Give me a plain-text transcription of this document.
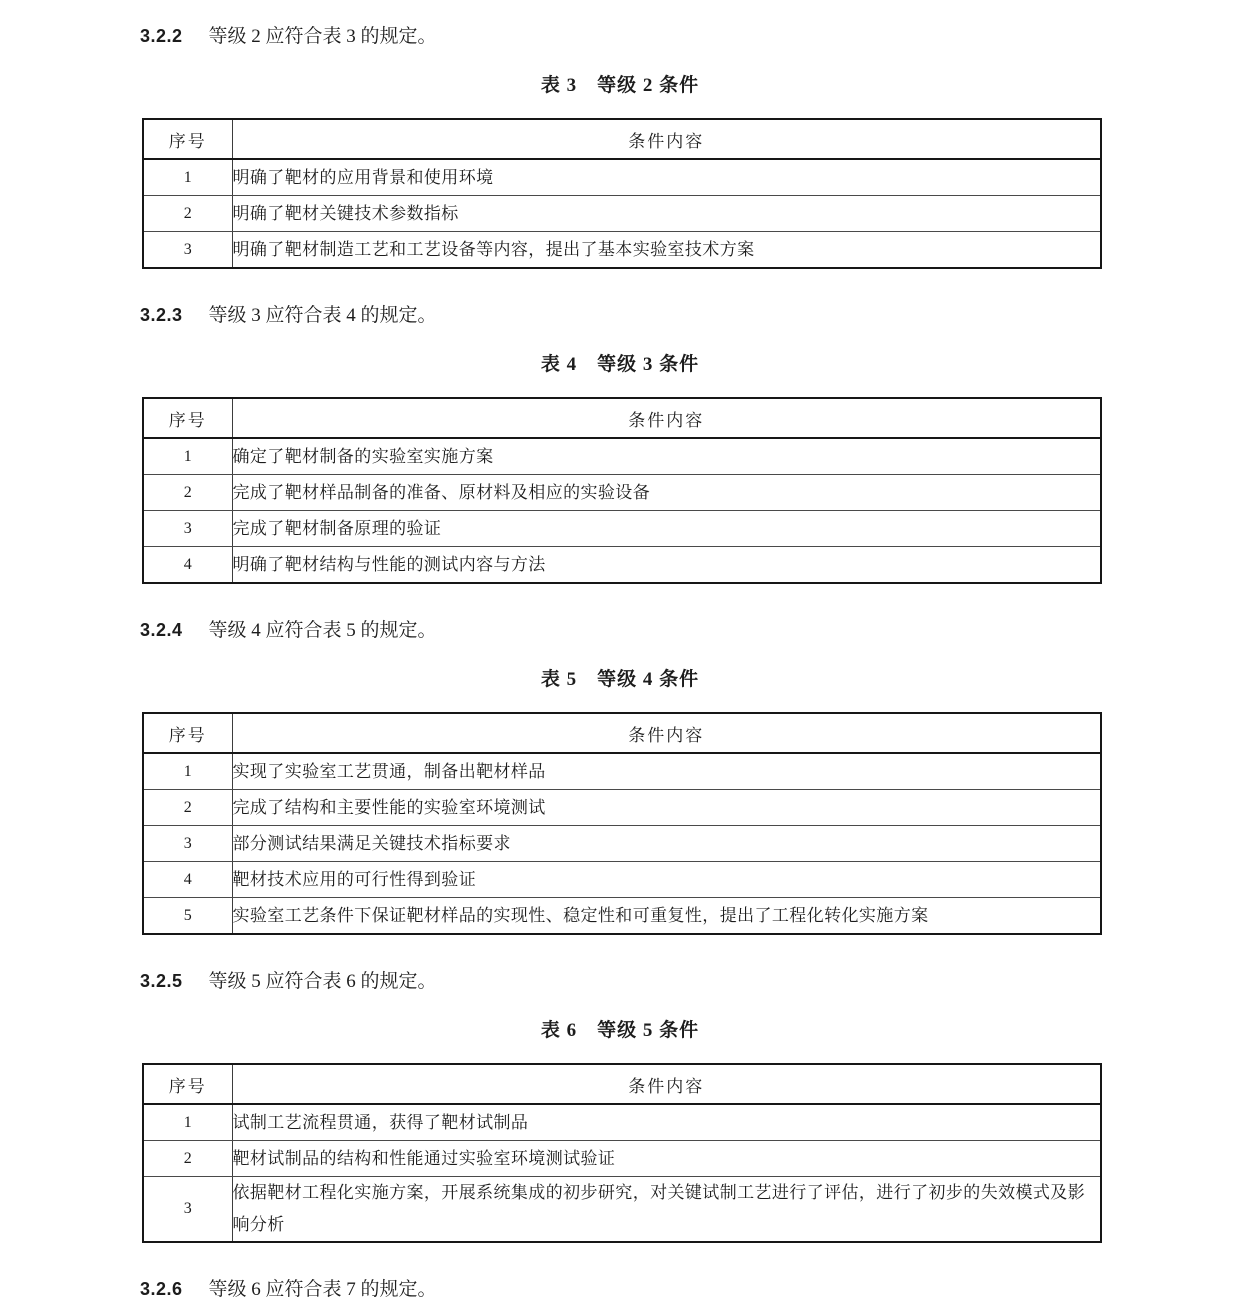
3.2.2 等级 2 应符合表 3 的规定。

表 3　等级 2 条件
序号	条件内容
1	明确了靶材的应用背景和使用环境
2	明确了靶材关键技术参数指标
3	明确了靶材制造工艺和工艺设备等内容，提出了基本实验室技术方案

3.2.3 等级 3 应符合表 4 的规定。

表 4　等级 3 条件
序号	条件内容
1	确定了靶材制备的实验室实施方案
2	完成了靶材样品制备的准备、原材料及相应的实验设备
3	完成了靶材制备原理的验证
4	明确了靶材结构与性能的测试内容与方法

3.2.4 等级 4 应符合表 5 的规定。

表 5　等级 4 条件
序号	条件内容
1	实现了实验室工艺贯通，制备出靶材样品
2	完成了结构和主要性能的实验室环境测试
3	部分测试结果满足关键技术指标要求
4	靶材技术应用的可行性得到验证
5	实验室工艺条件下保证靶材样品的实现性、稳定性和可重复性，提出了工程化转化实施方案

3.2.5 等级 5 应符合表 6 的规定。

表 6　等级 5 条件
序号	条件内容
1	试制工艺流程贯通，获得了靶材试制品
2	靶材试制品的结构和性能通过实验室环境测试验证
3	依据靶材工程化实施方案，开展系统集成的初步研究，对关键试制工艺进行了评估，进行了初步的失效模式及影响分析

3.2.6 等级 6 应符合表 7 的规定。
